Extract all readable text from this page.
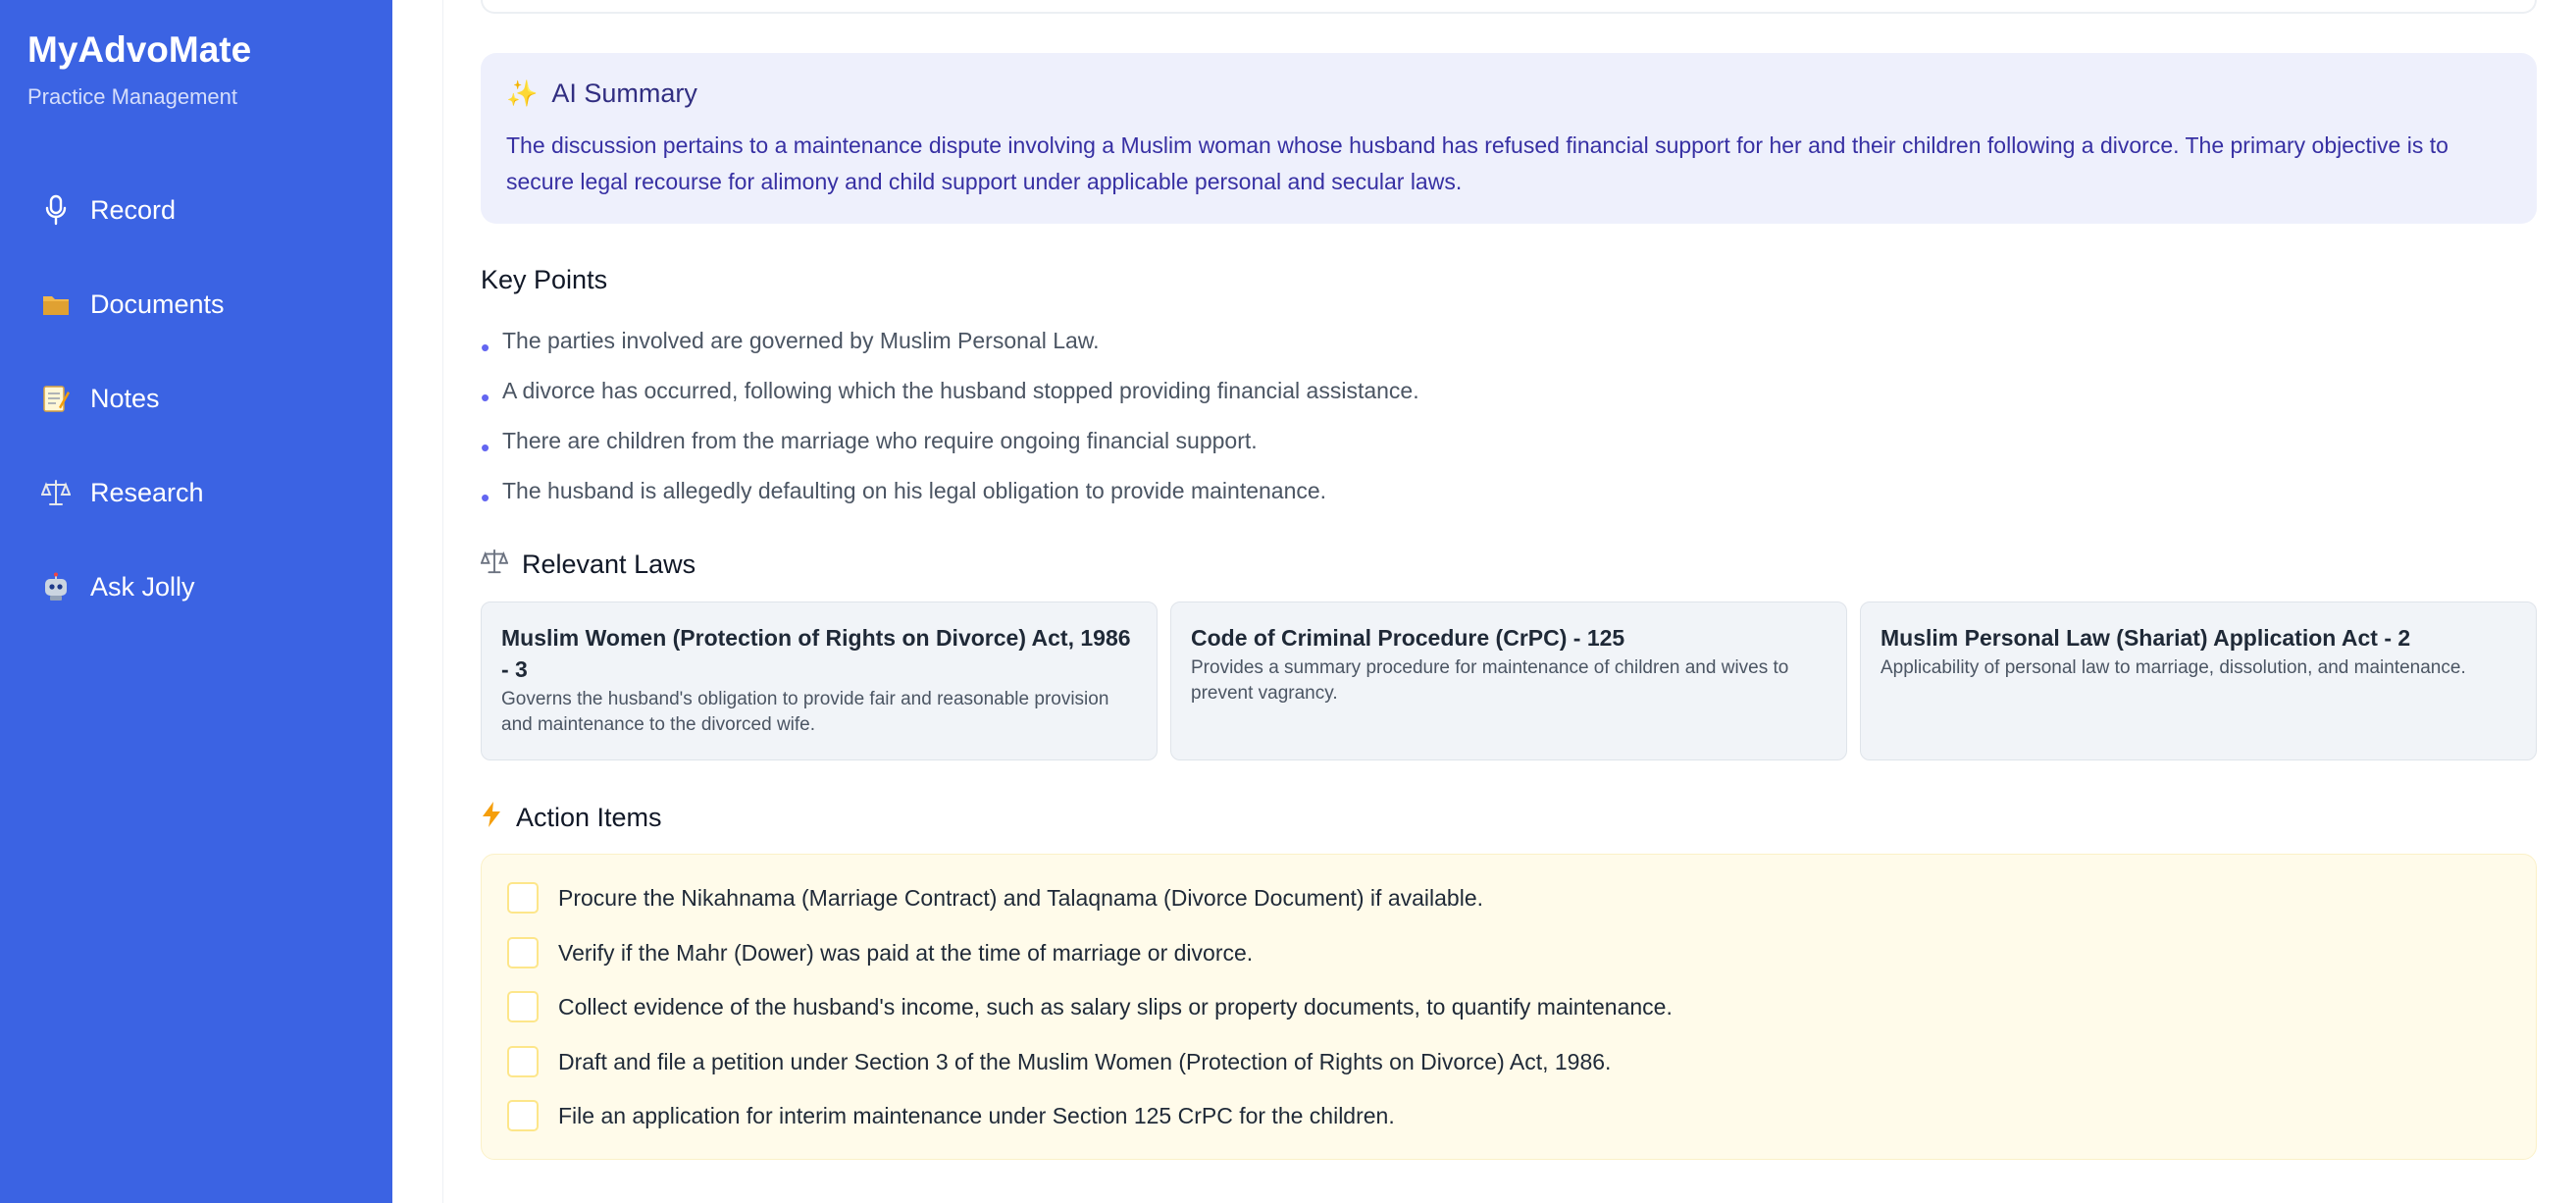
MyAdvoMate
Practice Management
Record
Documents
Notes
Research
Ask Jolly
✨ AI Summary

The discussion pertains to a maintenance dispute involving a Muslim woman whose husband has refused financial support for her and their children following a divorce. The primary objective is to secure legal recourse for alimony and child support under applicable personal and secular laws.

Key Points
• The parties involved are governed by Muslim Personal Law.
• A divorce has occurred, following which the husband stopped providing financial assistance.
• There are children from the marriage who require ongoing financial support.
• The husband is allegedly defaulting on his legal obligation to provide maintenance.
Relevant Laws
Muslim Women (Protection of Rights on Divorce) Act, 1986 - 3
Governs the husband's obligation to provide fair and reasonable provision and maintenance to the divorced wife.
Code of Criminal Procedure (CrPC) - 125
Provides a summary procedure for maintenance of children and wives to prevent vagrancy.
Muslim Personal Law (Shariat) Application Act - 2
Applicability of personal law to marriage, dissolution, and maintenance.
Action Items
Procure the Nikahnama (Marriage Contract) and Talaqnama (Divorce Document) if available.
Verify if the Mahr (Dower) was paid at the time of marriage or divorce.
Collect evidence of the husband's income, such as salary slips or property documents, to quantify maintenance.
Draft and file a petition under Section 3 of the Muslim Women (Protection of Rights on Divorce) Act, 1986.
File an application for interim maintenance under Section 125 CrPC for the children.
